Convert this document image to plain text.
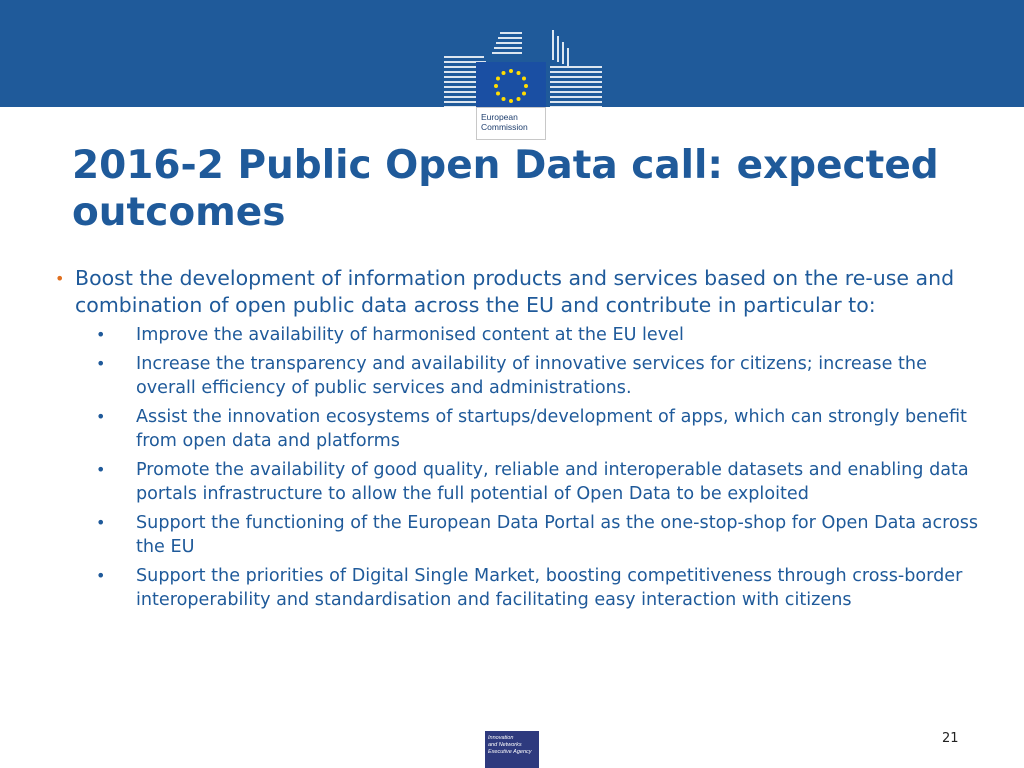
European
Commission
2016-2 Public Open Data call: expected outcomes
• Boost the development of information products and services based on the re-use and combination of open public data across the EU and contribute in particular to:
• Improve the availability of harmonised content at the EU level
• Increase the transparency and availability of innovative services for citizens; increase the overall efficiency of public services and administrations.
• Assist the innovation ecosystems of startups/development of apps, which can strongly benefit from open data and platforms
• Promote the availability of good quality, reliable and interoperable datasets and enabling data portals infrastructure to allow the full potential of Open Data to be exploited
• Support the functioning of the European Data Portal as the one-stop-shop for Open Data across the EU
• Support the priorities of Digital Single Market, boosting competitiveness through cross-border interoperability and standardisation and facilitating easy interaction with citizens
Innovation
and Networks
Executive Agency
21
